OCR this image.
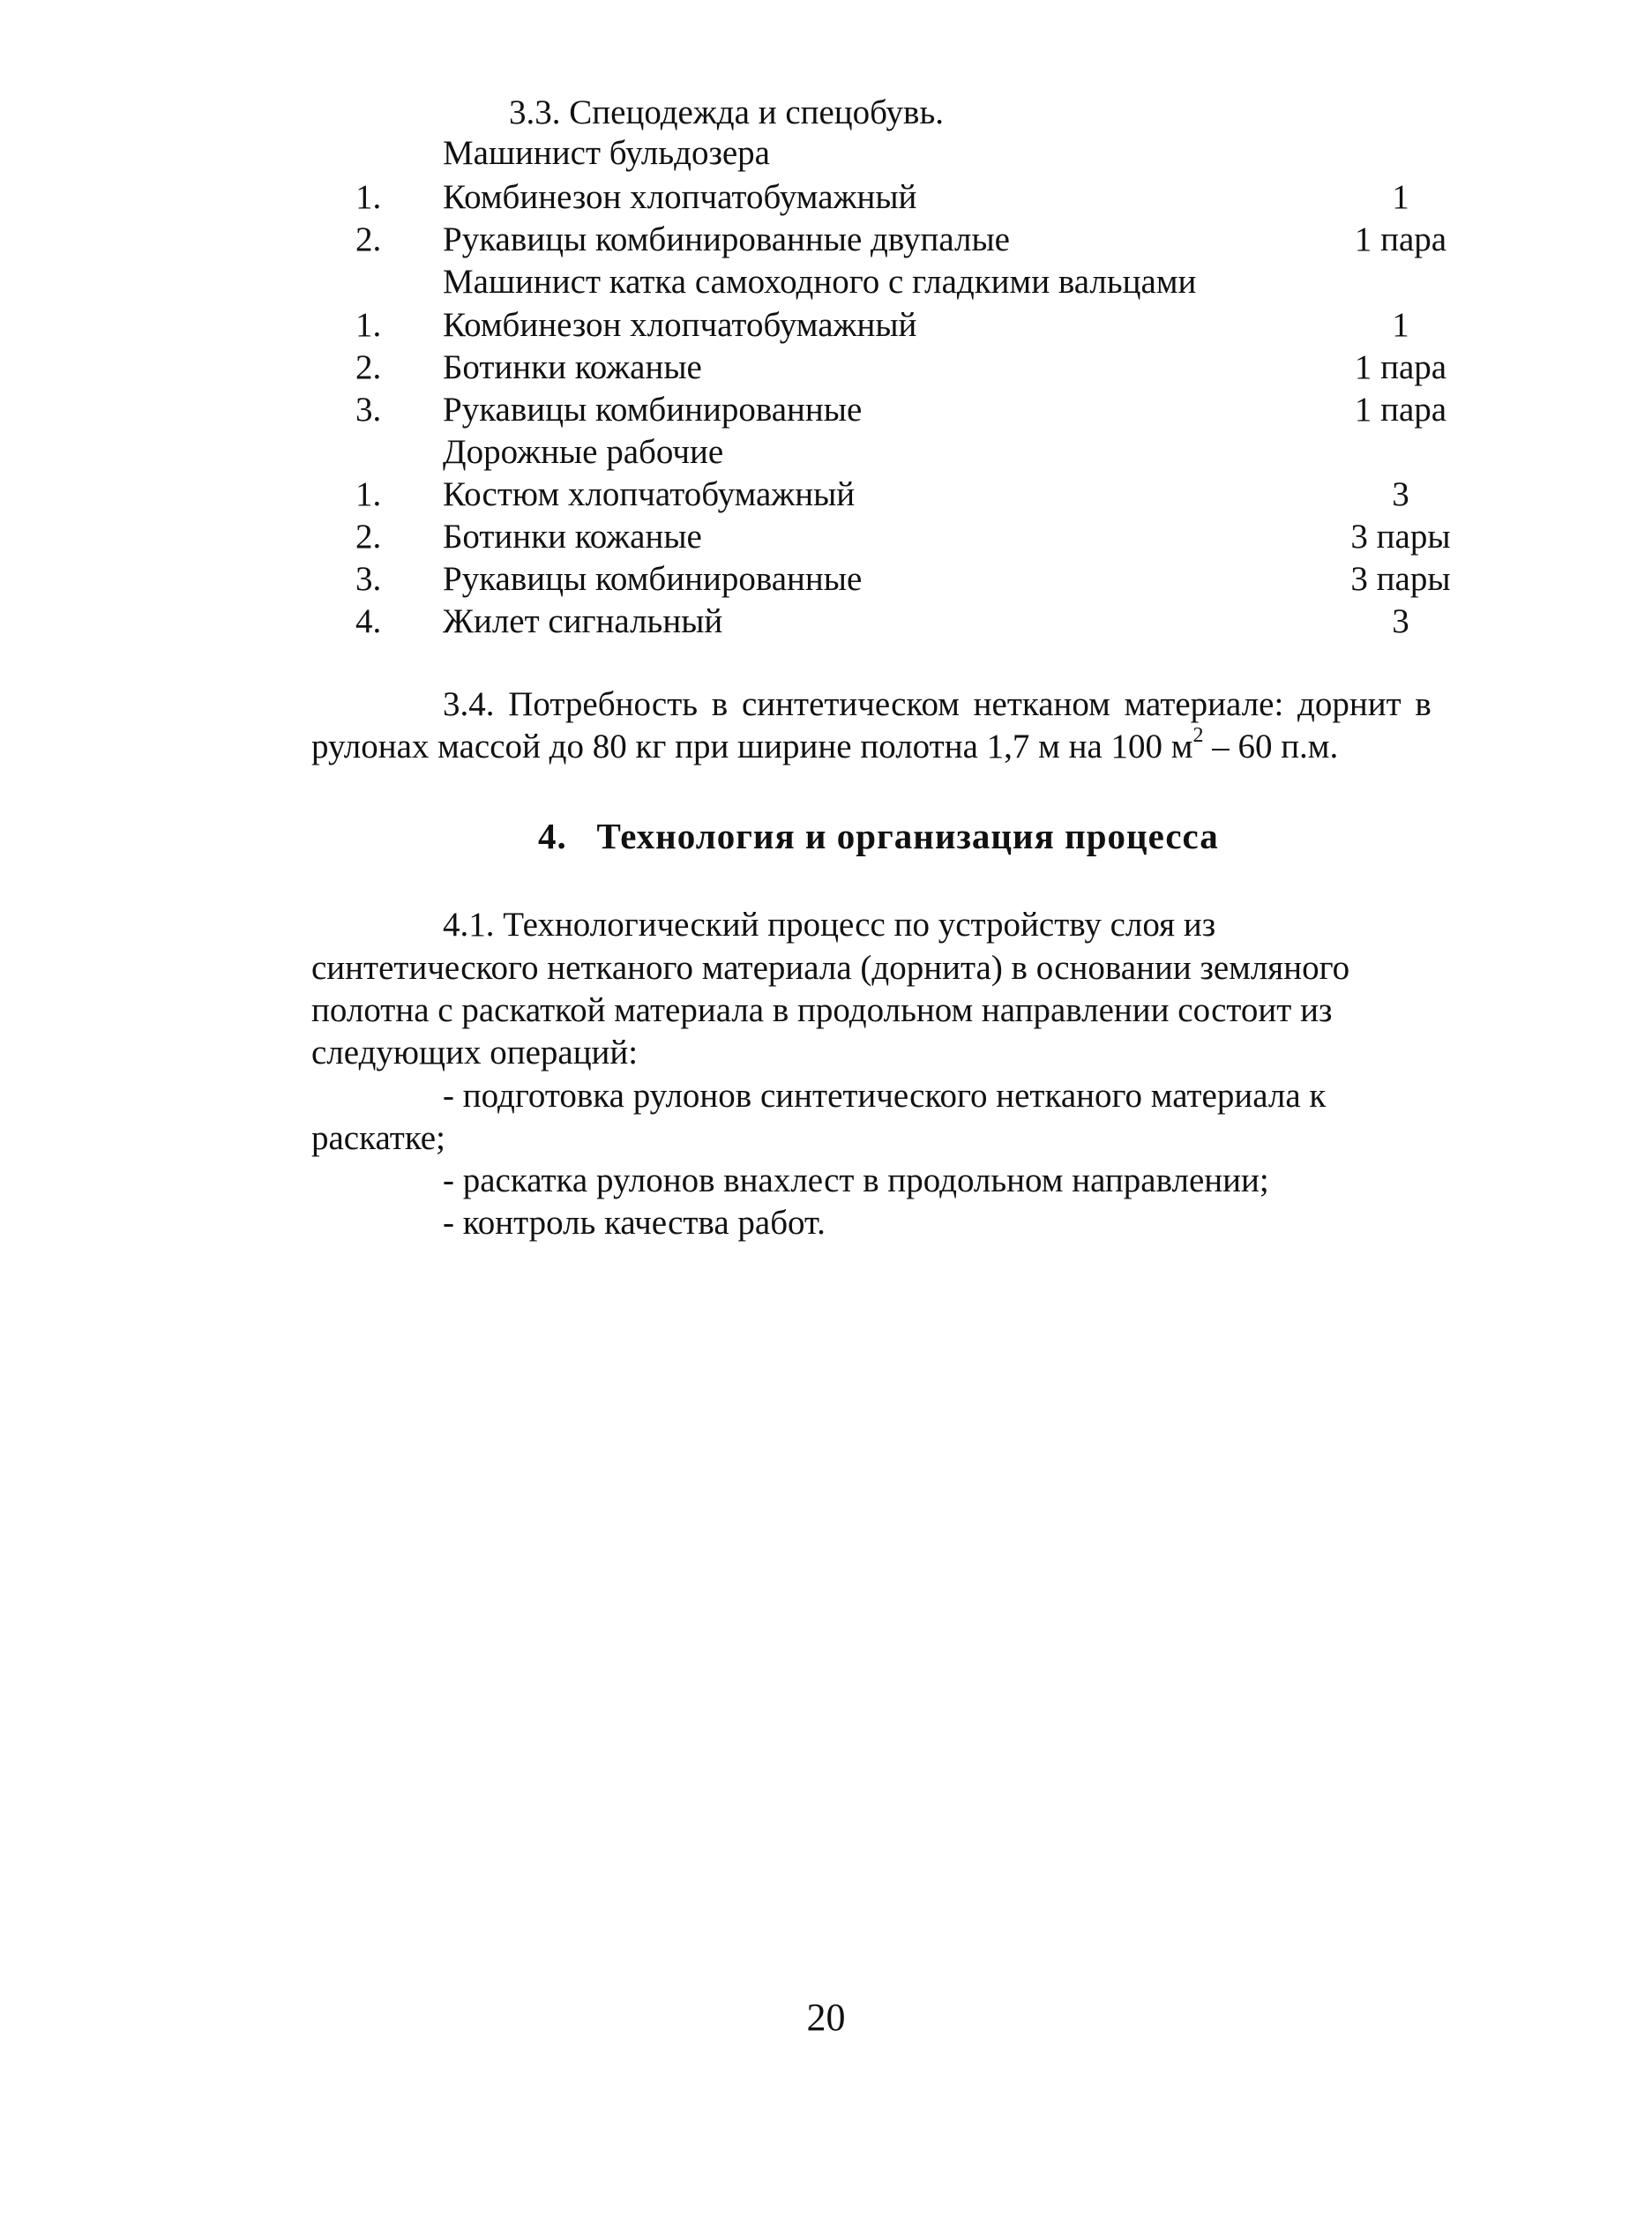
3.3. Спецодежда и спецобувь.
Машинист бульдозера
1. Комбинезон хлопчатобумажный	1
2. Рукавицы комбинированные двупалые	1 пара
Машинист катка самоходного с гладкими вальцами
1. Комбинезон хлопчатобумажный	1
2. Ботинки кожаные	1 пара
3. Рукавицы комбинированные	1 пара
Дорожные рабочие
1. Костюм хлопчатобумажный	3
2. Ботинки кожаные	3 пары
3. Рукавицы комбинированные	3 пары
4. Жилет сигнальный	3
3.4. Потребность в синтетическом нетканом материале: дорнит в
рулонах массой до 80 кг при ширине полотна 1,7 м на 100 $м^2 - 60$ п.м.
4. Технология и организация процесса
4.1. Технологический процесс по устройству слоя из
синтетического нетканого материала (дорнита) в основании земляного
полотна с раскаткой материала в продольном направлении состоит из
следующих операций:
- подготовка рулонов синтетического нетканого материала к
раскатке;
- раскатка рулонов внахлест в продольном направлении;
- контроль качества работ.
20
